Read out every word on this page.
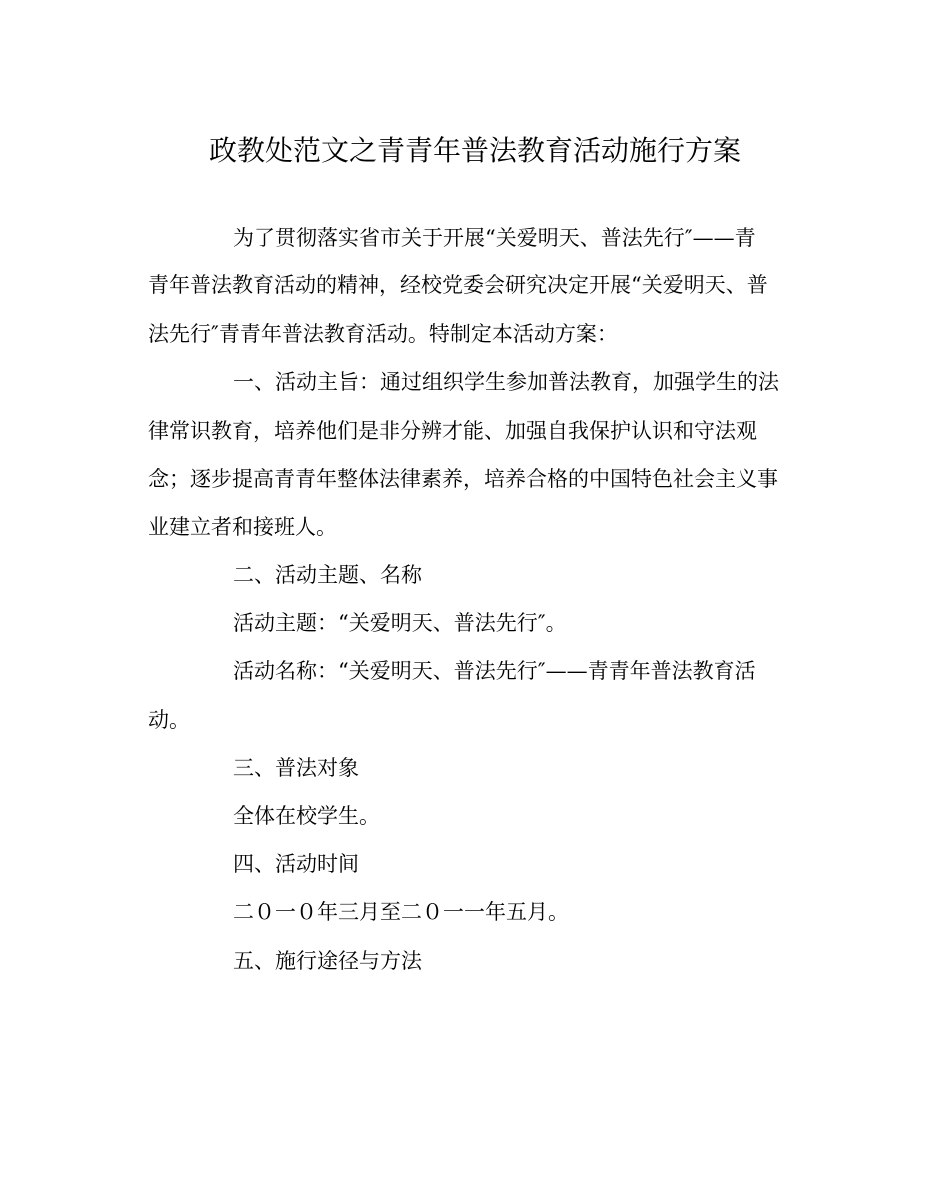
政教处范文之青青年普法教育活动施行方案
为了贯彻落实省市关于开展“关爱明天、普法先行″——青
青年普法教育活动的精神，经校党委会研究决定开展“关爱明天、普
法先行″青青年普法教育活动。特制定本活动方案：
一、活动主旨：通过组织学生参加普法教育，加强学生的法
律常识教育，培养他们是非分辨才能、加强自我保护认识和守法观
念；逐步提高青青年整体法律素养，培养合格的中国特色社会主义事
业建立者和接班人。
二、活动主题、名称
活动主题：“关爱明天、普法先行″。
活动名称：“关爱明天、普法先行″——青青年普法教育活
动。
三、普法对象
全体在校学生。
四、活动时间
二０一０年三月至二０一一年五月。
五、施行途径与方法
